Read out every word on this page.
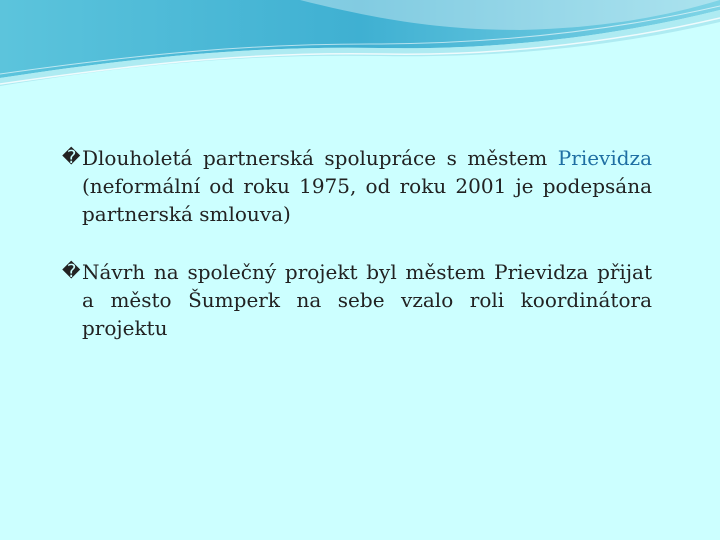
� Dlouholetá partnerská spolupráce s městem Prievidza (neformální od roku 1975, od roku 2001 je podepsána partnerská smlouva)

� Návrh na společný projekt byl městem Prievidza přijat a město Šumperk na sebe vzalo roli koordinátora projektu
